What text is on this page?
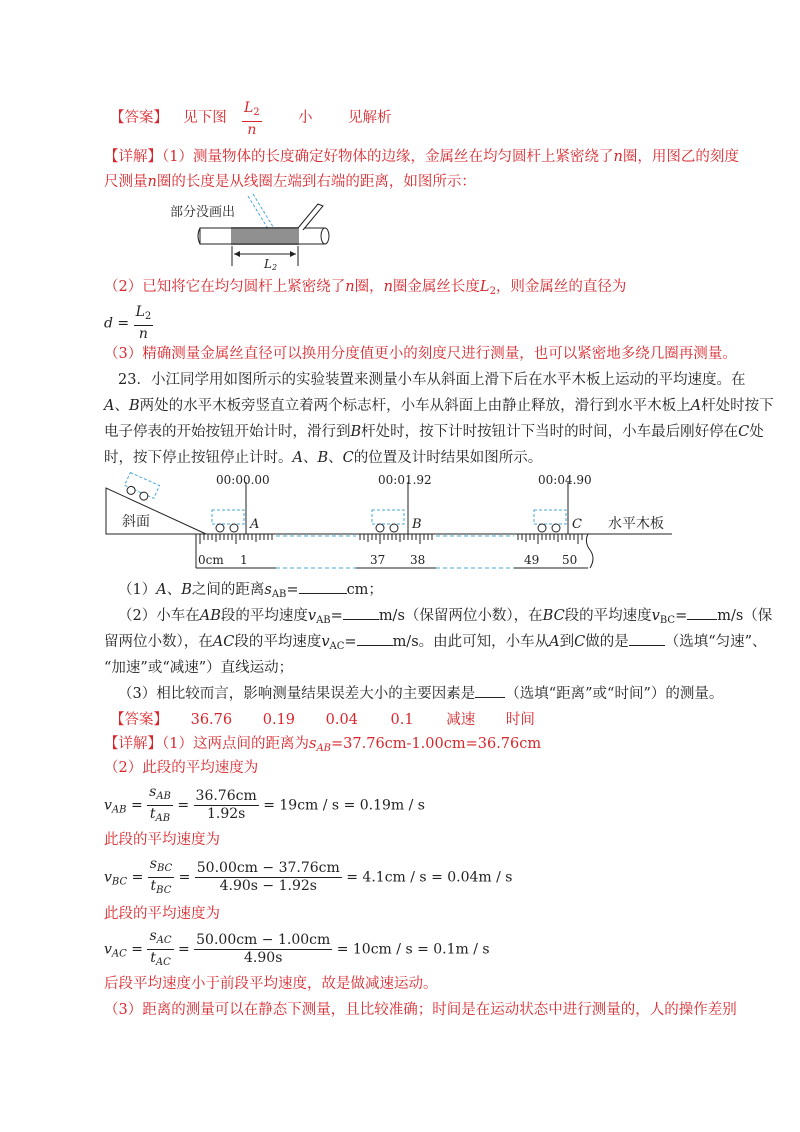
【答案】 见下图 $\frac{L_2}{n}$	小 见解析
【详解】（1）测量物体的长度确定好物体的边缘，金属丝在均匀圆杆上紧密绕了n圈，用图乙的刻度
尺测量n圈的长度是从线圈左端到右端的距离，如图所示：
部分没画出
L2
（2）已知将它在均匀圆杆上紧密绕了n圈，n圈金属丝长度$L_2$，则金属丝的直径为
$d = \frac{L_2}{n}$
（3）精确测量金属丝直径可以换用分度值更小的刻度尺进行测量，也可以紧密地多绕几圈再测量。
23．小江同学用如图所示的实验装置来测量小车从斜面上滑下后在水平木板上运动的平均速度。在
A、B两处的水平木板旁竖直立着两个标志杆，小车从斜面上由静止释放，滑行到水平木板上A杆处时按下
电子停表的开始按钮开始计时，滑行到B杆处时，按下计时按钮计下当时的时间，小车最后刚好停在C处
时，按下停止按钮停止计时。A、B、C的位置及计时结果如图所示。
斜面	水平木板
00:00.00	00:01.92	00:04.90
A	B	C
0cm 1	37 38	49 50
（1）A、B之间的距离$s_{AB}=$	cm；
（2）小车在AB段的平均速度$v_{AB}= m/s$（保留两位小数），在BC段的平均速度$v_{BC}= m/s$（保
留两位小数），在AC段的平均速度$v_{AC}= m/s$。由此可知，小车从A到C做的是 （选填“匀速”、
“加速”或“减速”）直线运动；
（3）相比较而言，影响测量结果误差大小的主要因素是 （选填“距离”或“时间”）的测量。
【答案】 36.76 0.19 0.04 0.1 减速 时间
【详解】（1）这两点间的距离为$s_{AB}=37.76cm-1.00cm=36.76cm$
（2）此段的平均速度为
$v_{AB} = \frac{s_{AB}}{t_{AB}} = \frac{36.76cm}{1.92s} = 19cm / s = 0.19m / s$
此段的平均速度为
$v_{BC} = \frac{s_{BC}}{t_{BC}} = \frac{50.00cm - 37.76cm}{4.90s - 1.92s} = 4.1cm / s = 0.04m / s$
此段的平均速度为
$v_{AC} = \frac{s_{AC}}{t_{AC}} = \frac{50.00cm - 1.00cm}{4.90s} = 10cm / s = 0.1m / s$
后段平均速度小于前段平均速度，故是做减速运动。
（3）距离的测量可以在静态下测量，且比较准确；时间是在运动状态中进行测量的，人的操作差别
